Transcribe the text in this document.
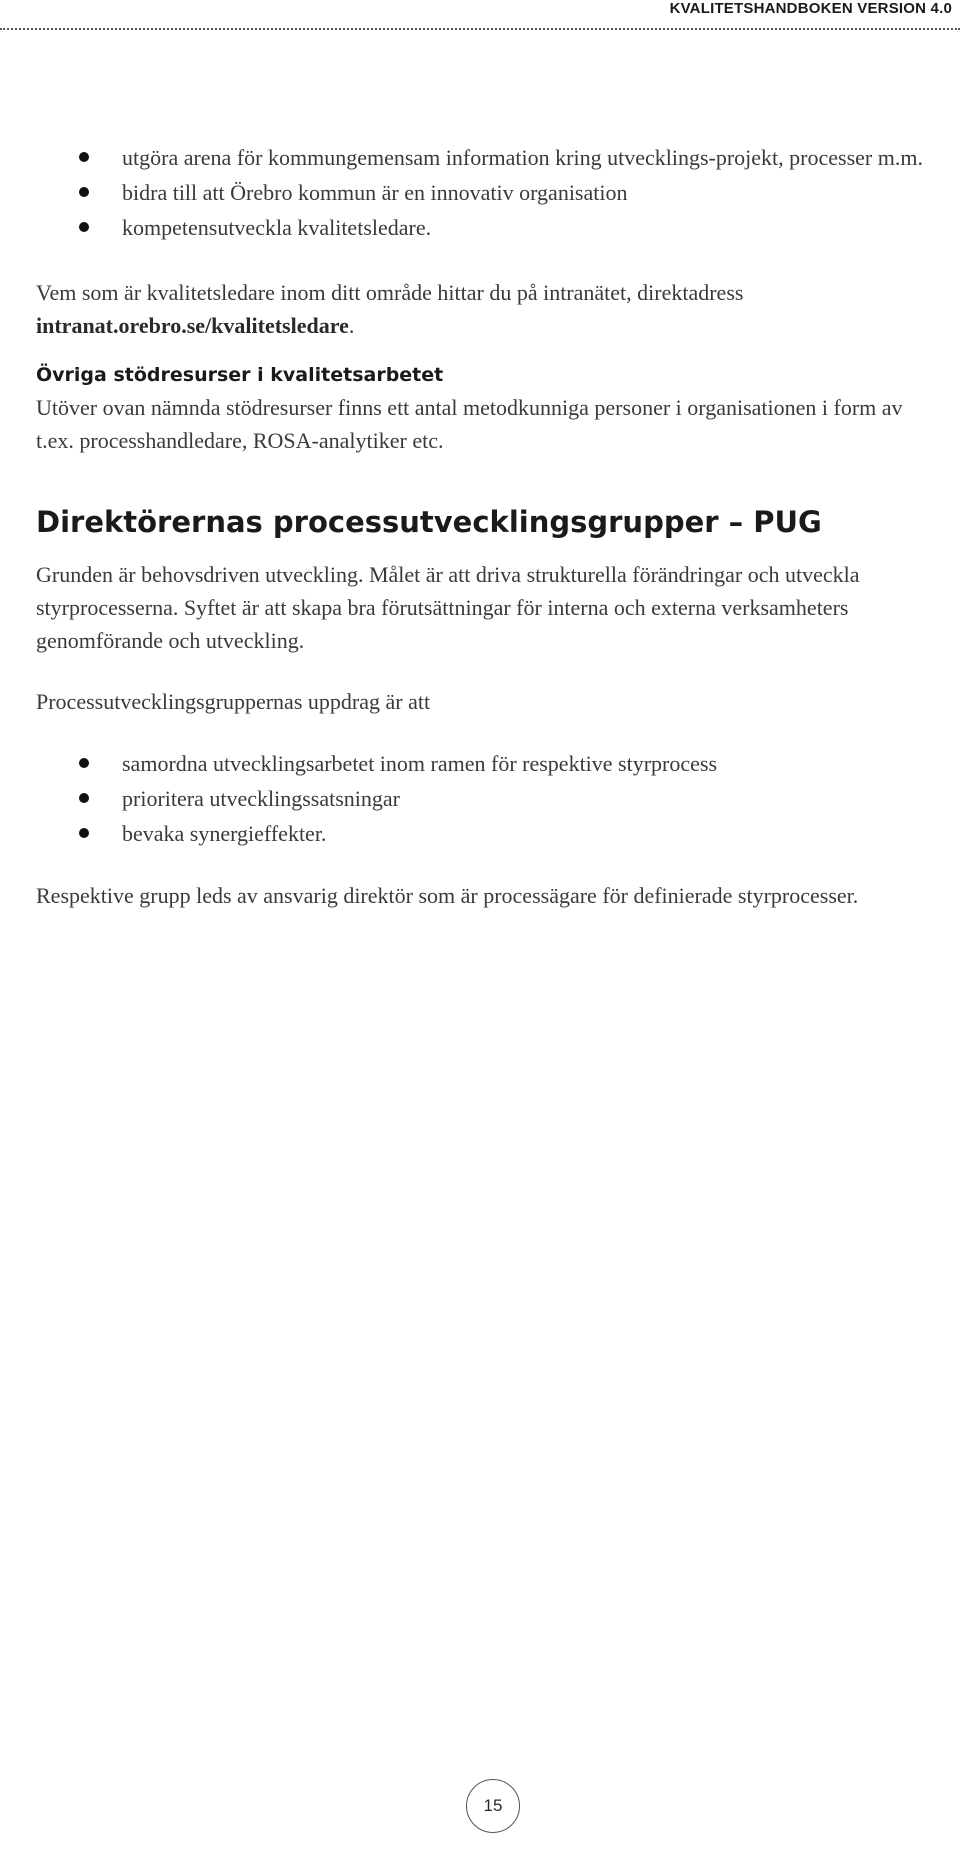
KVALITETSHANDBOKEN VERSION 4.0
utgöra arena för kommungemensam information kring utvecklings-projekt, processer m.m.
bidra till att Örebro kommun är en innovativ organisation
kompetensutveckla kvalitetsledare.

Vem som är kvalitetsledare inom ditt område hittar du på intranätet, direktadress intranat.orebro.se/kvalitetsledare.

Övriga stödresurser i kvalitetsarbetet

Utöver ovan nämnda stödresurser finns ett antal metodkunniga personer i organisationen i form av t.ex. processhandledare, ROSA-analytiker etc.

Direktörernas processutvecklingsgrupper – PUG

Grunden är behovsdriven utveckling. Målet är att driva strukturella förändringar och utveckla styrprocesserna. Syftet är att skapa bra förutsättningar för interna och externa verksamheters genomförande och utveckling.

Processutvecklingsgruppernas uppdrag är att

samordna utvecklingsarbetet inom ramen för respektive styrprocess
prioritera utvecklingssatsningar
bevaka synergieffekter.

Respektive grupp leds av ansvarig direktör som är processägare för definierade styrprocesser.

15
